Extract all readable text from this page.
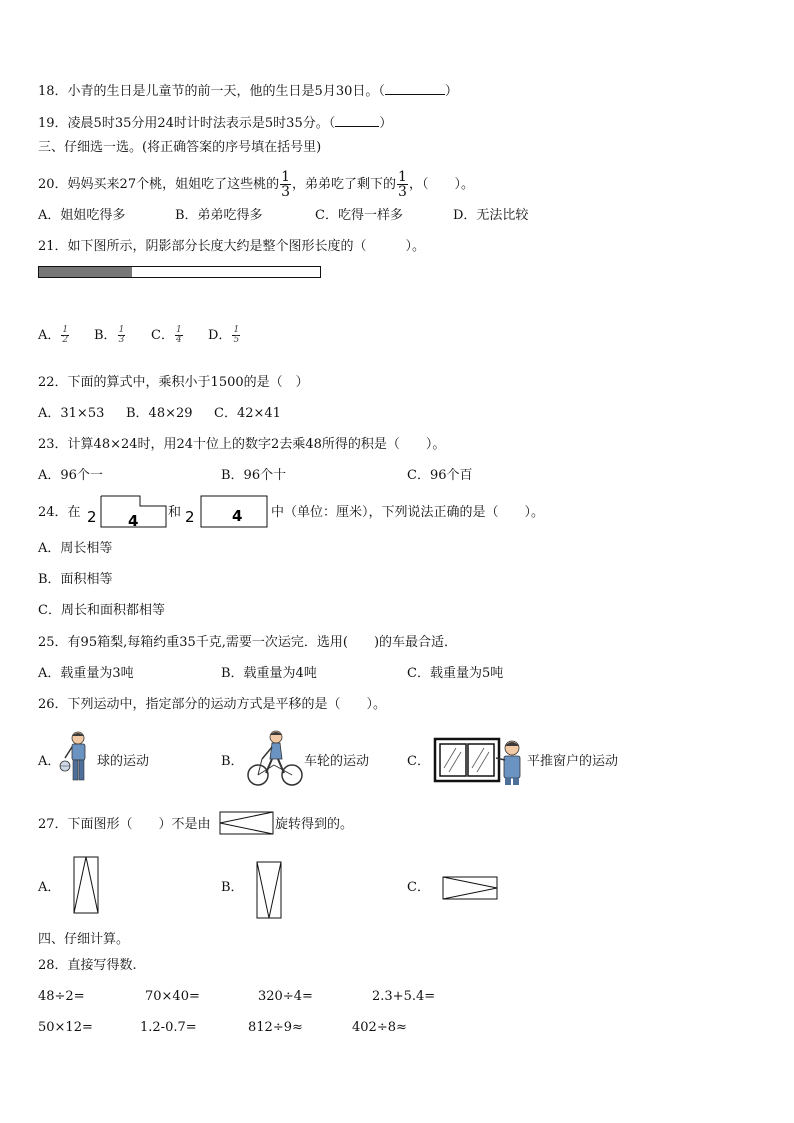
18．小青的生日是儿童节的前一天，他的生日是5月30日。（	）
19．凌晨5时35分用24时计时法表示是5时35分。（	）
三、仔细选一选。(将正确答案的序号填在括号里)
20．妈妈买来27个桃，姐姐吃了这些桃的 $\frac{1}{3}$ ，弟弟吃了剩下的 $\frac{1}{3}$ ，（　　）。
A．姐姐吃得多	B．弟弟吃得多	C．吃得一样多	D．无法比较
21．如下图所示，阴影部分长度大约是整个图形长度的（　　　）。
A． $\frac{1}{2}$ B． $\frac{1}{3}$ C． $\frac{1}{4}$ D． $\frac{1}{5}$
22．下面的算式中，乘积小于1500的是（　）
A．31×53 B．48×29 C．42×41
23．计算48×24时，用24十位上的数字2去乘48所得的积是（　　）。
A．96个一	B．96个十	C．96个百
24．在 2 4 和 2 4 中（单位：厘米），下列说法正确的是（　　）。
A．周长相等
B．面积相等
C．周长和面积都相等
25．有95箱梨,每箱约重35千克,需要一次运完．选用(　　)的车最合适．
A．载重量为3吨	B．载重量为4吨	C．载重量为5吨
26．下列运动中，指定部分的运动方式是平移的是（　　）。
A．	球的运动	B．	车轮的运动	C．	平推窗户的运动
27．下面图形（　　）不是由	旋转得到的。
A．	B．	C．
四、仔细计算。
28．直接写得数.
48÷2=	70×40=	320÷4=	2.3+5.4=
50×12=	1.2-0.7=	812÷9≈	402÷8≈
